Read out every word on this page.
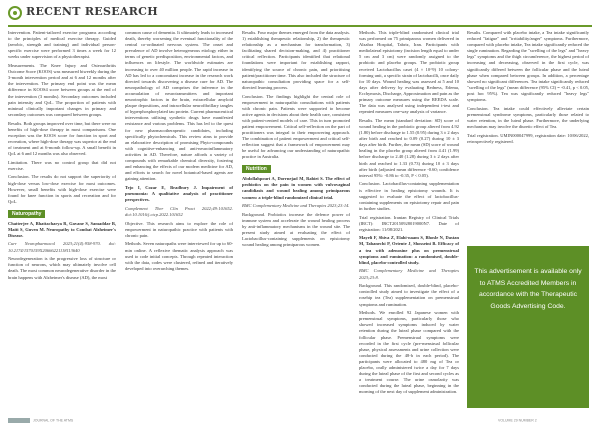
RECENT RESEARCH

Intervention. Patient-tailored exercise programs according to the principles of medical exercise therapy. Guided (aerobic, strength and training) and individual person-specific exercise were performed 3 times a week for 12 weeks under supervision of a physiotherapist.

Measurements. The Knee Injury and Osteoarthritis Outcome Score (KOOS) was measured biweekly during the 3-month intervention period and at 6 and 12 months after the intervention. The primary end point was the mean difference in KOOS4 score between groups at the end of the intervention (3 months). Secondary outcomes included pain intensity and QoL. The proportion of patients with minimal clinically important changes in primary and secondary outcomes was compared between groups.

Results. Both groups improved over time, but there were no benefits of high-dose therapy in most comparisons. One exception was the KOOS score for function in sport and recreation, where high-dose therapy was superior at the end of treatment and at 6-month follow-up. A small benefit in QoL at 6 and 12 months was also observed.

Limitation. There was no control group that did not exercise.

Conclusion. The results do not support the superiority of high-dose versus low-dose exercise for most outcomes. However, small benefits with high-dose exercise were found for knee function in sports and recreation and for QoL.

Naturopathy

Chatterjee A, Bhattacharya R, Gavane S, Samaddar B, Maiti S, Guven M. Neuropathy to Combat Alzheimer's Disease.

Curr Neuropharmacol 2023;21(4):958-970. doi: 10.2174/1570159X20666221118113640

Neurodegeneration is the progressive loss of structure or function of neurons, which may ultimately involve cell death. The most common neurodegenerative disorder in the brain happens with Alzheimer's disease (AD), the most

common cause of dementia. It ultimately leads to increased death, thereby worsening the eventual functionality of the central co-ordinated nervous system. The onset and prevalence of AD involve heterogeneous etiology either in terms of genetic predisposition, environmental factors, and influences on lifestyle. The worldwide estimates are increasing to over 40 million people. The rapid increase in AD has led to a concomitant increase in the research work directed towards discovering a disease cure for AD. The neuropathology of AD comprises the inference in the accumulation of neurotransmitters and important neurotrophic factors in the brain, extracellular amyloid plaque depositions, and intracellular neurofibrillary tangles of hyperphosphorylated tau protein. Current pharmaceutical interventions utilising synthetic drugs have manifested resistance and various problems. This has led to the quest for new pharmacotherapeutic candidates, including specifically phytochemicals. This review aims to provide an elaborative description of promising Phyto-compounds with cognitive-enhancing and anti-neuroinflammatory activities in AD. Therefore, nature affords a variety of compounds with remarkable chemical diversity, fostering and enhancing the effects of our modern medicine for AD, and efforts to search for novel botanical-based agents are gaining attention.

Tejo I, Cozar E, Bradbury J. Impairment of pneumonia: A qualitative analysis of practitioner perspectives.

Complement Ther Clin Pract 2022;49:101652. doi:10.1016/j.ctcp.2022.101652

Objective. This research aims to explore the role of empowerment in naturopathic practice with patients with chronic pain.

Methods. Seven naturopaths were interviewed for up to 60-min online. A reflexive thematic analysis approach was used to code initial concepts. Through repeated interaction with the data, codes were clustered, refined and iteratively developed into overarching themes.

Results. Four major themes emerged from the data analysis. 1) establishing therapeutic relationship, 2) the therapeutic relationship as a mechanism for transformation, 3) facilitating shared decision-making, and 4) practitioner critical reflection. Participants identified that relational foundations were important for establishing rapport, identifying the source of chronic pain, and prioritising patient/practitioner time. This also included the structure of naturopathic consultation providing space for a self-directed learning process.

Conclusion. The findings highlight the central role of empowerment in naturopathic consultations with patients with chronic pain. Patients were supported to become active agents in decisions about their health care, consistent with patient-centred models of care. This in turn promoted patient empowerment. Critical self-reflection on the part of practitioners was integral to their empowering approach. The combination of patient empowerment and critical self-reflection suggest that a framework of empowerment may be useful for advancing our understanding of naturopathic practice in Australia.

Nutrition

Abdollahpouri A, Dorrnejad M, Rabiei S. The effect of probiotics on the pain in women with vulvovaginal candidiasis and wound healing among primiparous women: a triple-blind randomized clinical trial.

BMC Complementary Medicine and Therapies 2023;23:14.

Background. Probiotics increase the defence power of immune system and accelerate the wound healing process by anti-inflammatory mechanisms in the wound site. The present study aimed at evaluating the effect of Lactobacillus-containing supplements on episiotomy wound healing among primiparous women.

Methods. This triple-blind randomised clinical trial was performed on 75 primiparous women delivered in Alzahra Hospital, Tabriz, Iran. Participants with mediolateral episiotomy (incision length equal to under 5 cm and 3 cm) were randomly assigned to the probiotic and placebo groups. The probiotic group received Lactobacillus casei (4 × 10^9) 10 colony-forming unit, a specific strain of lactobacilli, once daily for 10 days. Wound healing was assessed at 5 and 10 days after delivery by evaluating Redness, Edema, Ecchymosis, Discharge, Approximation and pain as the primary outcome measures using the REEDA scale. The data was analysed using independent t-test and repeated measures one-way analysis of variance.

Results. The mean (standard deviation: SD) score of wound healing in the probiotic group altered from 4.92 (1.80) before discharge to 1.55 (0.95) during 3 ± 2 days after birth and reached to 0.09 (0.27) during 10 ± 3 days after birth. Further, the mean (SD) score of wound healing in the placebo group altered from 4.41 (1.99) before discharge to 2.40 (1.28) during 3 ± 2 days after birth and reached to 1.33 (0.73) during 10 ± 3 days after birth (adjusted mean difference -0.60; confidence interval 95%: -0.86 to -0.35, P < 0.05).

Conclusion. Lactobacillus-containing supplementation is effective in healing episiotomy wounds. It is suggested to evaluate the effect of lactobacillus-containing supplements on episiotomy repair and pain in further studies.

Trial registration. Iranian Registry of Clinical Trials (IRCT): IRCT20150928019000N7. Date of registration: 11/08/2021.

Mayeli F, Shiva Z, Elahi-naam S, Bhosle N, Dastan M, Tabanechi P, Oriente J, Shosseini B. Efficacy of a tea with adenosine plus on premenstrual symptoms and rumination: a randomised, double-blind, placebo-controlled study.

BMC Complementary Medicine and Therapies 2023;23:8.

Background. This randomised, double-blind, placebo-controlled study aimed to investigate the effect of a rosehip tea (Tea) supplementation on premenstrual symptoms and rumination.

Methods. We enrolled 92 Japanese women with premenstrual symptoms, particularly those who showed increased symptoms induced by water retention during the luteal phase compared with the follicular phase. Premenstrual symptoms were recorded in the first cycle (pre-menstrual follicular phase, physical assessments and urine collection were conducted during the 48-h in each period). The participants were allocated to 480 mg of Tea or placebo, orally administered twice a day for 7 days during the luteal phase of the first and second cycles as a treatment course. The urine osmolarity was conducted during the luteal phase, beginning in the morning of the next day of supplement administration.

Results. Compared with placebo intake, a Tea intake significantly reduced "fatigue" and "irritability/anger" symptoms. Furthermore, compared with placebo intake, Tea intake significantly reduced the single rumination. Regarding the "swelling of the legs" and "heavy legs" symptoms and the thigh circumference, the highest period of increasing and decreasing, observed in the first cycle, was significantly differed between the follicular phase and the luteal phase when compared between groups. In addition, a percentage showed no significant differences. Tea intake significantly reduced "swelling of the legs" (mean difference (95% CI) = -0.41, p < 0.05, post hoc 95%). Tea was significantly reduced "heavy legs" symptoms.

Conclusion. Tea intake could effectively alleviate certain premenstrual syndrome symptoms, particularly those related to water retention, in the luteal phase. Furthermore, the underlying mechanism may involve the diuretic effect of Tea.

Trial registration. UMIN000047999, registration date: 10/06/2022, retrospectively registered.

This advertisement is available only to ATMS Accredited Members in accordance with the Therapeutic Goods Advertising Code.
JOURNAL OF THE ATMS	VOLUME 29 NUMBER 2
